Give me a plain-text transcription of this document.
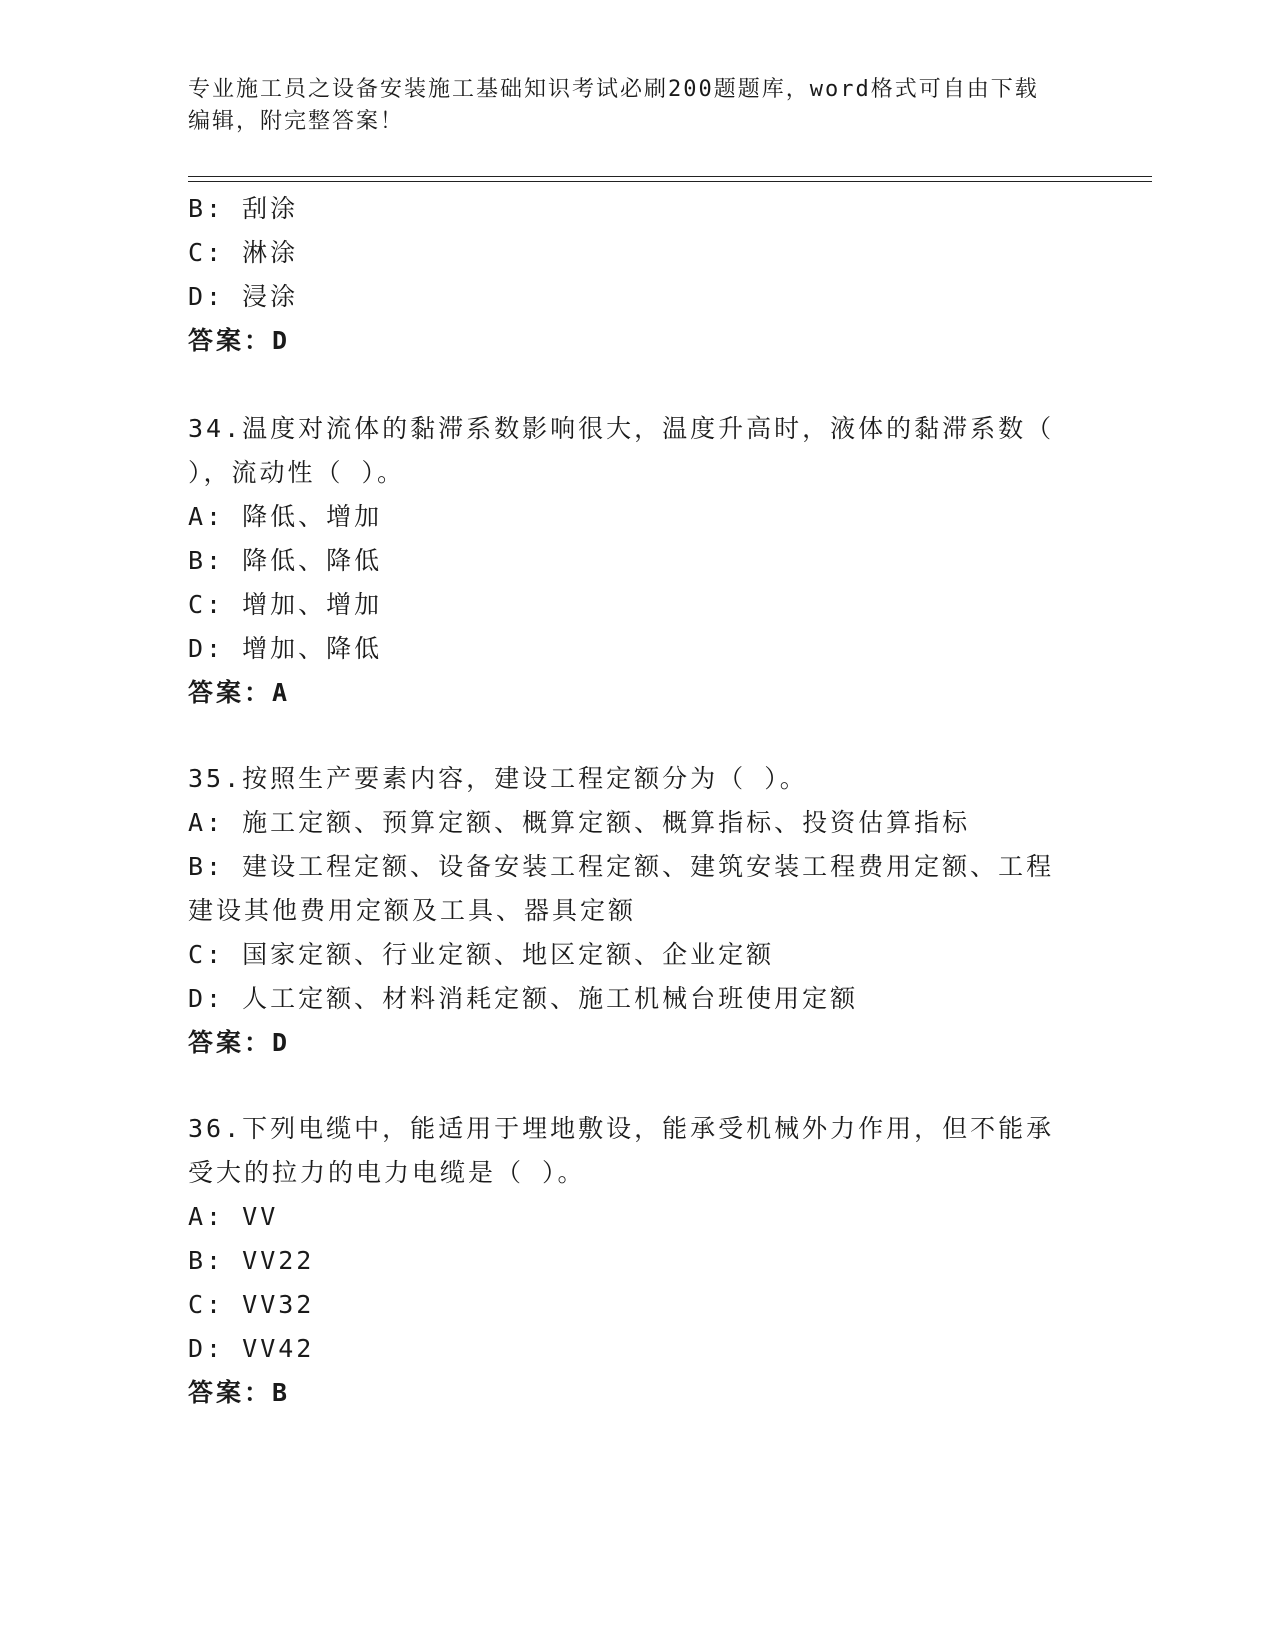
专业施工员之设备安装施工基础知识考试必刷200题题库，word格式可自由下载
编辑，附完整答案！
B: 刮涂
C: 淋涂
D: 浸涂
答案：D
34.温度对流体的黏滞系数影响很大，温度升高时，液体的黏滞系数（
），流动性（ ）。
A: 降低、增加
B: 降低、降低
C: 增加、增加
D: 增加、降低
答案：A
35.按照生产要素内容，建设工程定额分为（ ）。
A: 施工定额、预算定额、概算定额、概算指标、投资估算指标
B: 建设工程定额、设备安装工程定额、建筑安装工程费用定额、工程
建设其他费用定额及工具、器具定额
C: 国家定额、行业定额、地区定额、企业定额
D: 人工定额、材料消耗定额、施工机械台班使用定额
答案：D
36.下列电缆中，能适用于埋地敷设，能承受机械外力作用，但不能承
受大的拉力的电力电缆是（ ）。
A: VV
B: VV22
C: VV32
D: VV42
答案：B
